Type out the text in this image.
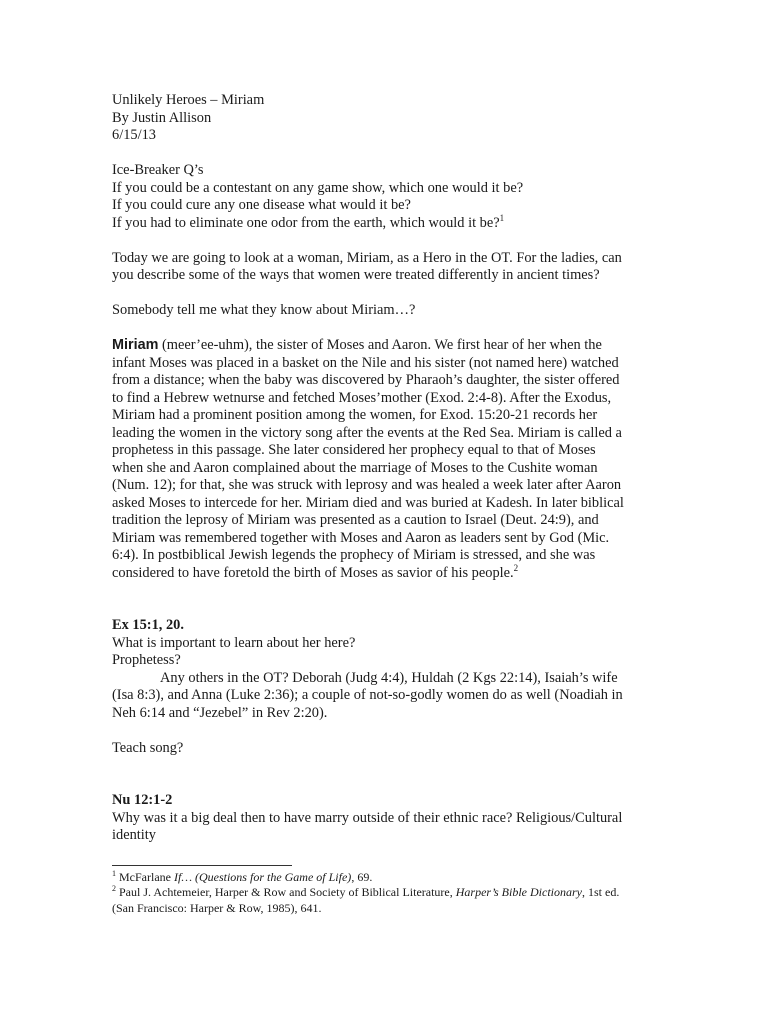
Unlikely Heroes – Miriam
By Justin Allison
6/15/13
Ice-Breaker Q’s
If you could be a contestant on any game show, which one would it be?
If you could cure any one disease what would it be?
If you had to eliminate one odor from the earth, which would it be?$^1$
Today we are going to look at a woman, Miriam, as a Hero in the OT. For the ladies, can
you describe some of the ways that women were treated differently in ancient times?
Somebody tell me what they know about Miriam…?
Miriam (meer’ee-uhm), the sister of Moses and Aaron. We first hear of her when the
infant Moses was placed in a basket on the Nile and his sister (not named here) watched
from a distance; when the baby was discovered by Pharaoh’s daughter, the sister offered
to find a Hebrew wetnurse and fetched Moses’mother (Exod. 2:4-8). After the Exodus,
Miriam had a prominent position among the women, for Exod. 15:20-21 records her
leading the women in the victory song after the events at the Red Sea. Miriam is called a
prophetess in this passage. She later considered her prophecy equal to that of Moses
when she and Aaron complained about the marriage of Moses to the Cushite woman
(Num. 12); for that, she was struck with leprosy and was healed a week later after Aaron
asked Moses to intercede for her. Miriam died and was buried at Kadesh. In later biblical
tradition the leprosy of Miriam was presented as a caution to Israel (Deut. 24:9), and
Miriam was remembered together with Moses and Aaron as leaders sent by God (Mic.
6:4). In postbiblical Jewish legends the prophecy of Miriam is stressed, and she was
considered to have foretold the birth of Moses as savior of his people.$^2$
Ex 15:1, 20.
What is important to learn about her here?
Prophetess?
Any others in the OT? Deborah (Judg 4:4), Huldah (2 Kgs 22:14), Isaiah’s wife
(Isa 8:3), and Anna (Luke 2:36); a couple of not-so-godly women do as well (Noadiah in
Neh 6:14 and “Jezebel” in Rev 2:20).
Teach song?
Nu 12:1-2
Why was it a big deal then to have marry outside of their ethnic race? Religious/Cultural
identity
$^1$ McFarlane If… (Questions for the Game of Life), 69.
$^2$ Paul J. Achtemeier, Harper & Row and Society of Biblical Literature, Harper’s Bible Dictionary, 1st ed.
(San Francisco: Harper & Row, 1985), 641.
